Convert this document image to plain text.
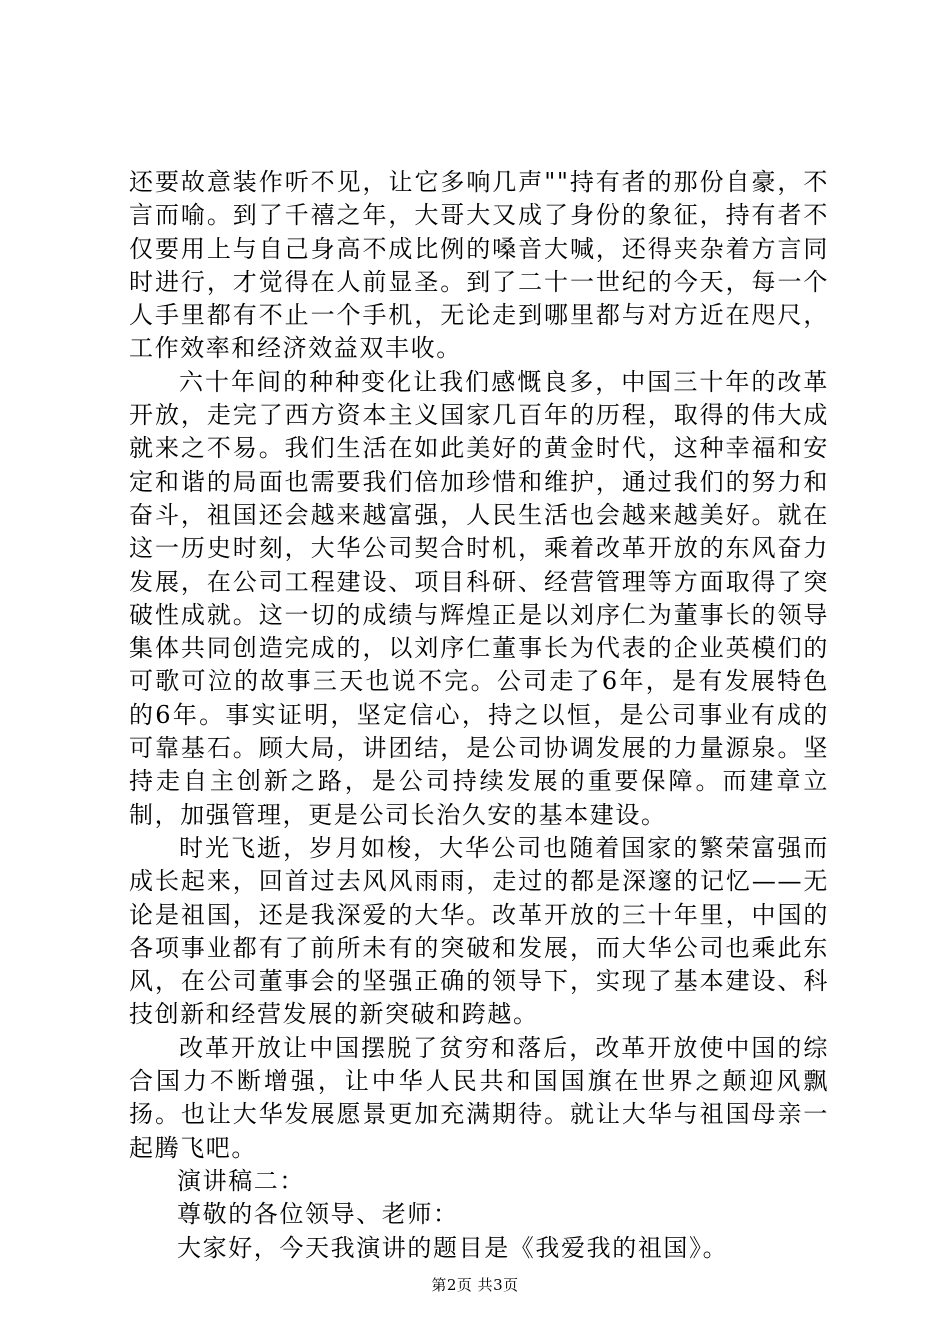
还要故意装作听不见，让它多响几声""持有者的那份自豪，不言而喻。到了千禧之年，大哥大又成了身份的象征，持有者不仅要用上与自己身高不成比例的嗓音大喊，还得夹杂着方言同时进行，才觉得在人前显圣。到了二十一世纪的今天，每一个人手里都有不止一个手机，无论走到哪里都与对方近在咫尺，工作效率和经济效益双丰收。

六十年间的种种变化让我们感慨良多，中国三十年的改革开放，走完了西方资本主义国家几百年的历程，取得的伟大成就来之不易。我们生活在如此美好的黄金时代，这种幸福和安定和谐的局面也需要我们倍加珍惜和维护，通过我们的努力和奋斗，祖国还会越来越富强，人民生活也会越来越美好。就在这一历史时刻，大华公司契合时机，乘着改革开放的东风奋力发展，在公司工程建设、项目科研、经营管理等方面取得了突破性成就。这一切的成绩与辉煌正是以刘序仁为董事长的领导集体共同创造完成的，以刘序仁董事长为代表的企业英模们的可歌可泣的故事三天也说不完。公司走了6年，是有发展特色的6年。事实证明，坚定信心，持之以恒，是公司事业有成的可靠基石。顾大局，讲团结，是公司协调发展的力量源泉。坚持走自主创新之路，是公司持续发展的重要保障。而建章立制，加强管理，更是公司长治久安的基本建设。

时光飞逝，岁月如梭，大华公司也随着国家的繁荣富强而成长起来，回首过去风风雨雨，走过的都是深邃的记忆——无论是祖国，还是我深爱的大华。改革开放的三十年里，中国的各项事业都有了前所未有的突破和发展，而大华公司也乘此东风，在公司董事会的坚强正确的领导下，实现了基本建设、科技创新和经营发展的新突破和跨越。

改革开放让中国摆脱了贫穷和落后，改革开放使中国的综合国力不断增强，让中华人民共和国国旗在世界之颠迎风飘扬。也让大华发展愿景更加充满期待。就让大华与祖国母亲一起腾飞吧。

演讲稿二：

尊敬的各位领导、老师：

大家好，今天我演讲的题目是《我爱我的祖国》。

第2页 共3页
